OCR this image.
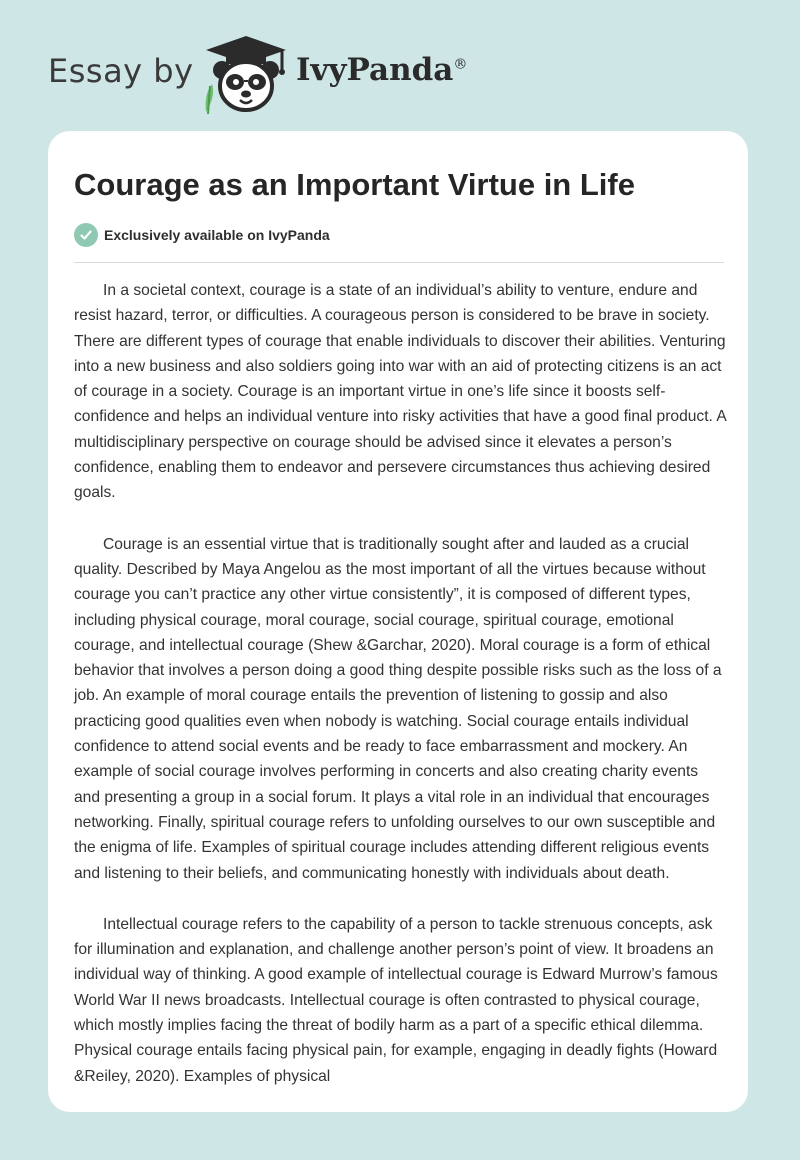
Essay by	IvyPanda®
Courage as an Important Virtue in Life
Exclusively available on IvyPanda

In a societal context, courage is a state of an individual’s ability to venture, endure and resist hazard, terror, or difficulties. A courageous person is considered to be brave in society. There are different types of courage that enable individuals to discover their abilities. Venturing into a new business and also soldiers going into war with an aid of protecting citizens is an act of courage in a society. Courage is an important virtue in one’s life since it boosts self-confidence and helps an individual venture into risky activities that have a good final product. A multidisciplinary perspective on courage should be advised since it elevates a person’s confidence, enabling them to endeavor and persevere circumstances thus achieving desired goals.

Courage is an essential virtue that is traditionally sought after and lauded as a crucial quality. Described by Maya Angelou as the most important of all the virtues because without courage you can’t practice any other virtue consistently”, it is composed of different types, including physical courage, moral courage, social courage, spiritual courage, emotional courage, and intellectual courage (Shew &Garchar, 2020). Moral courage is a form of ethical behavior that involves a person doing a good thing despite possible risks such as the loss of a job. An example of moral courage entails the prevention of listening to gossip and also practicing good qualities even when nobody is watching. Social courage entails individual confidence to attend social events and be ready to face embarrassment and mockery. An example of social courage involves performing in concerts and also creating charity events and presenting a group in a social forum. It plays a vital role in an individual that encourages networking. Finally, spiritual courage refers to unfolding ourselves to our own susceptible and the enigma of life. Examples of spiritual courage includes attending different religious events and listening to their beliefs, and communicating honestly with individuals about death.

Intellectual courage refers to the capability of a person to tackle strenuous concepts, ask for illumination and explanation, and challenge another person’s point of view. It broadens an individual way of thinking. A good example of intellectual courage is Edward Murrow’s famous World War II news broadcasts. Intellectual courage is often contrasted to physical courage, which mostly implies facing the threat of bodily harm as a part of a specific ethical dilemma. Physical courage entails facing physical pain, for example, engaging in deadly fights (Howard &Reiley, 2020). Examples of physical
